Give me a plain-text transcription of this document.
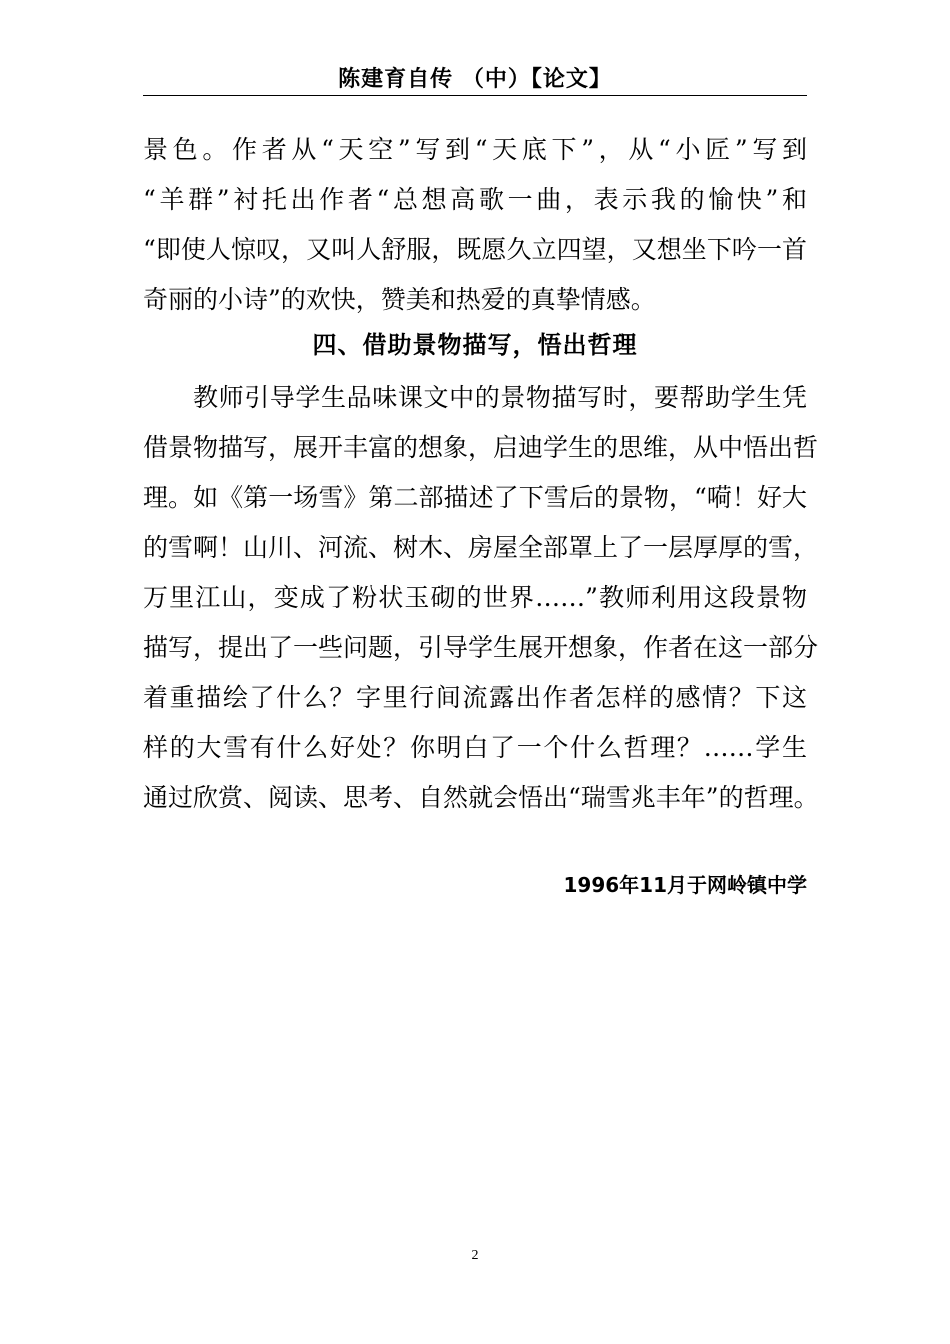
陈建育自传 （中）【论文】
景色。作者从“天空”写到“天底下”，从“小匠”写到
“羊群”衬托出作者“总想高歌一曲，表示我的愉快”和
“即使人惊叹，又叫人舒服，既愿久立四望，又想坐下吟一首
奇丽的小诗”的欢快，赞美和热爱的真挚情感。
四、借助景物描写，悟出哲理
教师引导学生品味课文中的景物描写时，要帮助学生凭
借景物描写，展开丰富的想象，启迪学生的思维，从中悟出哲
理。如《第一场雪》第二部描述了下雪后的景物，“嗬！好大
的雪啊！山川、河流、树木、房屋全部罩上了一层厚厚的雪，
万里江山，变成了粉状玉砌的世界……”教师利用这段景物
描写，提出了一些问题，引导学生展开想象，作者在这一部分
着重描绘了什么？字里行间流露出作者怎样的感情？下这
样的大雪有什么好处？你明白了一个什么哲理？……学生
通过欣赏、阅读、思考、自然就会悟出“瑞雪兆丰年”的哲理。
1996年11月于网岭镇中学
2
